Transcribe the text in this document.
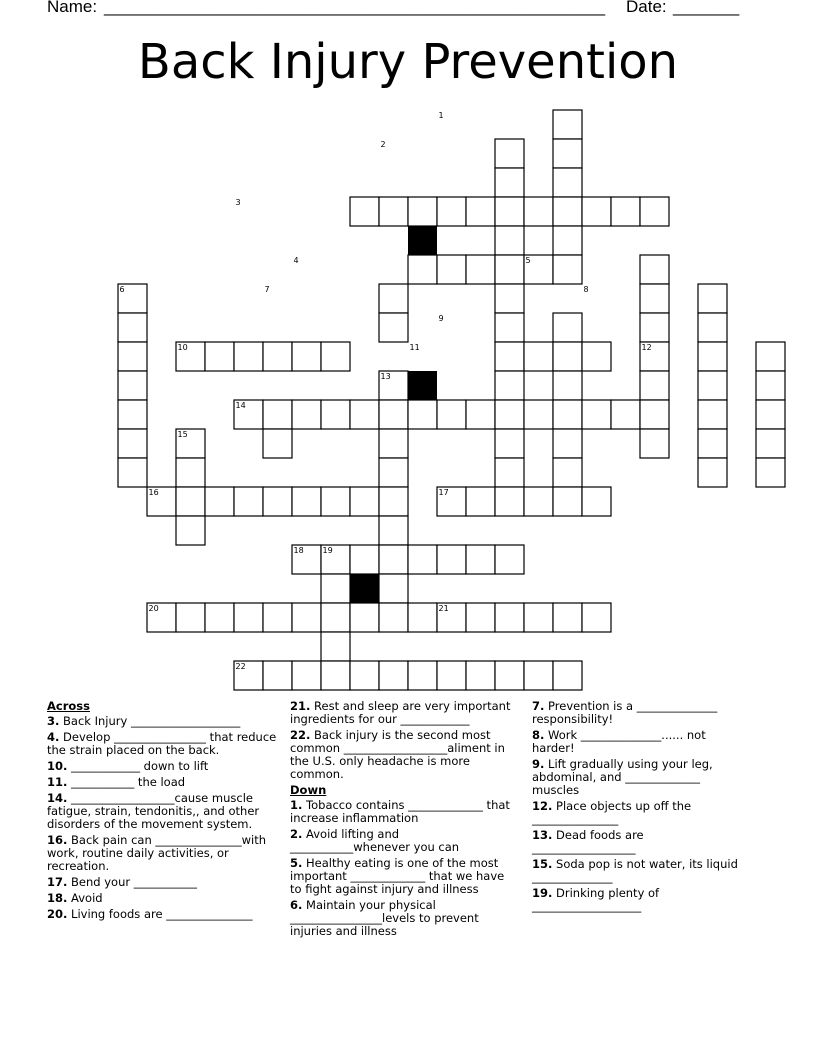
Name: _____________________________________________________ Date: _______
Back Injury Prevention
1
2
3
4	5
6	7	8
9
10	11	12
13
14
15
16	17
18 19
20	21
22
Across
3. Back Injury ___________________
4. Develop ________________ that reduce the strain placed on the back.
10. ____________ down to lift
11. ___________ the load
14. __________________cause muscle fatigue, strain, tendonitis,, and other disorders of the movement system.
16. Back pain can _______________with work, routine daily activities, or recreation.
17. Bend your ___________
18. Avoid
20. Living foods are _______________
21. Rest and sleep are very important ingredients for our ____________
22. Back injury is the second most common __________________aliment in the U.S. only headache is more common.
Down
1. Tobacco contains _____________ that increase inflammation
2. Avoid lifting and ___________whenever you can
5. Healthy eating is one of the most important _____________ that we have to fight against injury and illness
6. Maintain your physical ________________levels to prevent injuries and illness
7. Prevention is a ______________ responsibility!
8. Work ______________...... not harder!
9. Lift gradually using your leg, abdominal, and _____________ muscles
12. Place objects up off the _______________
13. Dead foods are __________________
15. Soda pop is not water, its liquid ______________
19. Drinking plenty of ___________________
